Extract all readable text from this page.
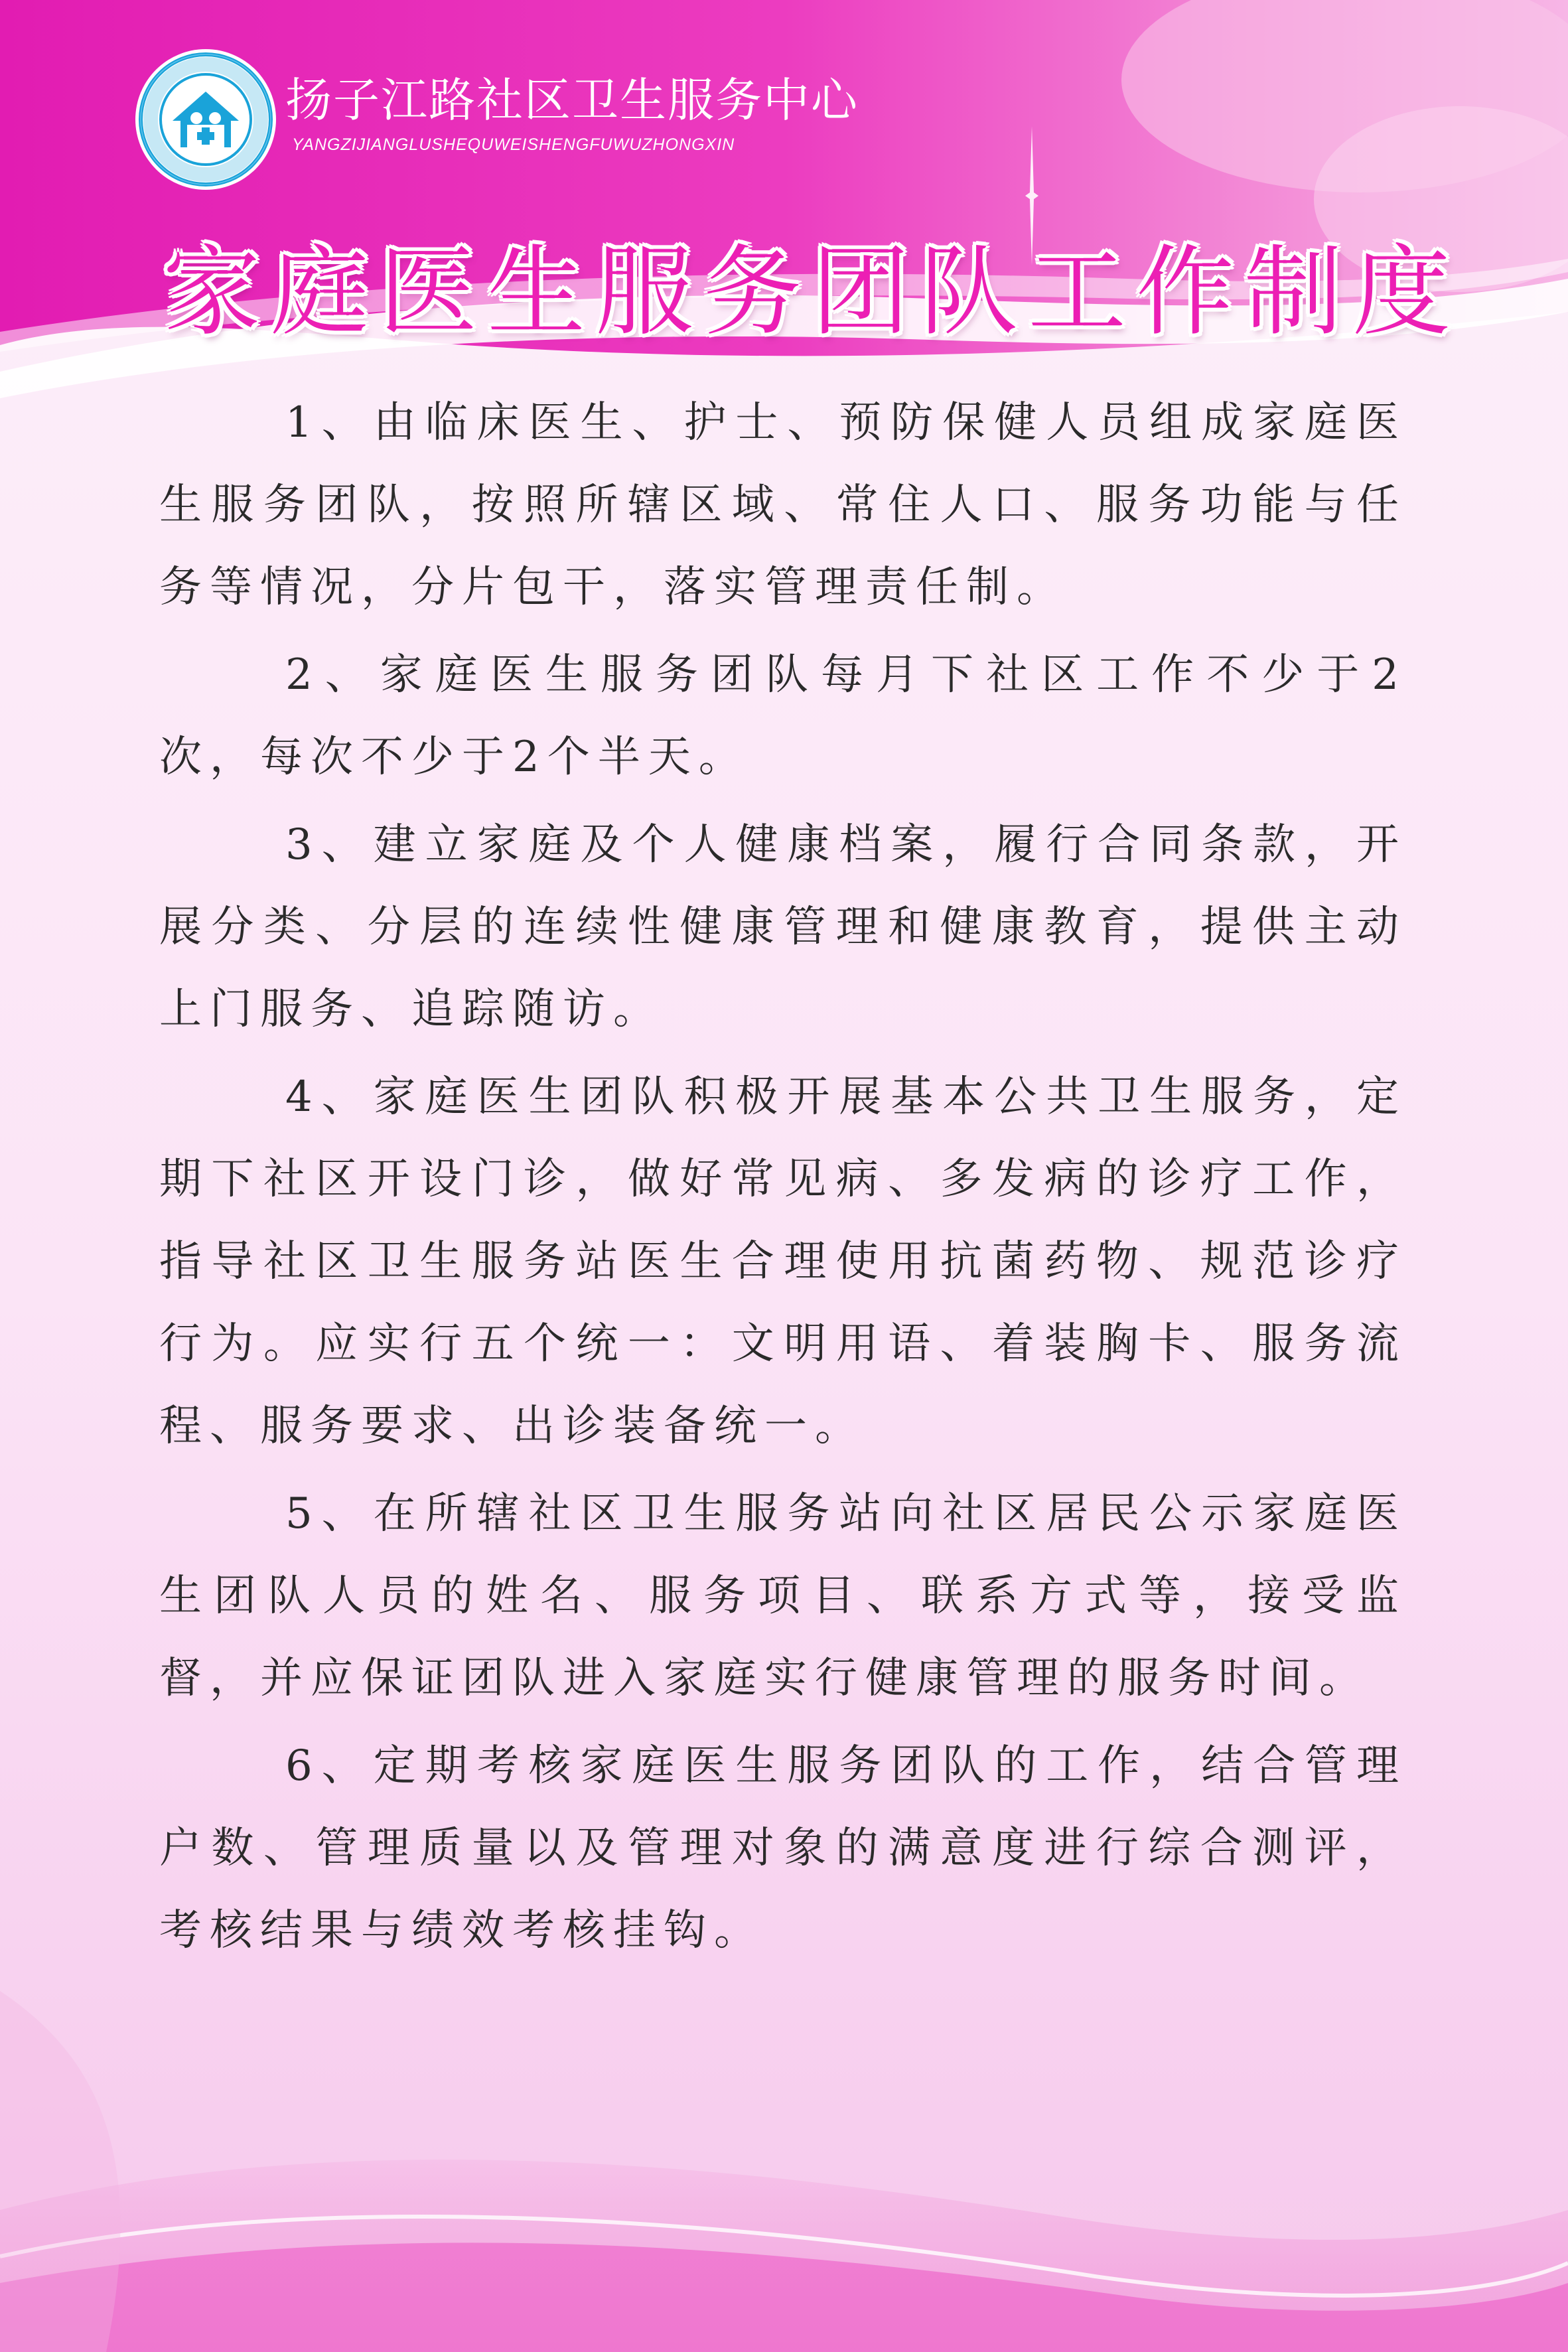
扬子江路社区卫生服务中心
YANGZIJIANGLUSHEQUWEISHENGFUWUZHONGXIN
家庭医生服务团队工作制度

1、由临床医生、护士、预防保健人员组成家庭医生服务团队，按照所辖区域、常住人口、服务功能与任务等情况，分片包干，落实管理责任制。

2、家庭医生服务团队每月下社区工作不少于2次，每次不少于2个半天。

3、建立家庭及个人健康档案，履行合同条款，开展分类、分层的连续性健康管理和健康教育，提供主动上门服务、追踪随访。

4、家庭医生团队积极开展基本公共卫生服务，定期下社区开设门诊，做好常见病、多发病的诊疗工作，指导社区卫生服务站医生合理使用抗菌药物、规范诊疗行为。应实行五个统一：文明用语、着装胸卡、服务流程、服务要求、出诊装备统一。

5、在所辖社区卫生服务站向社区居民公示家庭医生团队人员的姓名、服务项目、联系方式等，接受监督，并应保证团队进入家庭实行健康管理的服务时间。

6、定期考核家庭医生服务团队的工作，结合管理户数、管理质量以及管理对象的满意度进行综合测评，考核结果与绩效考核挂钩。
